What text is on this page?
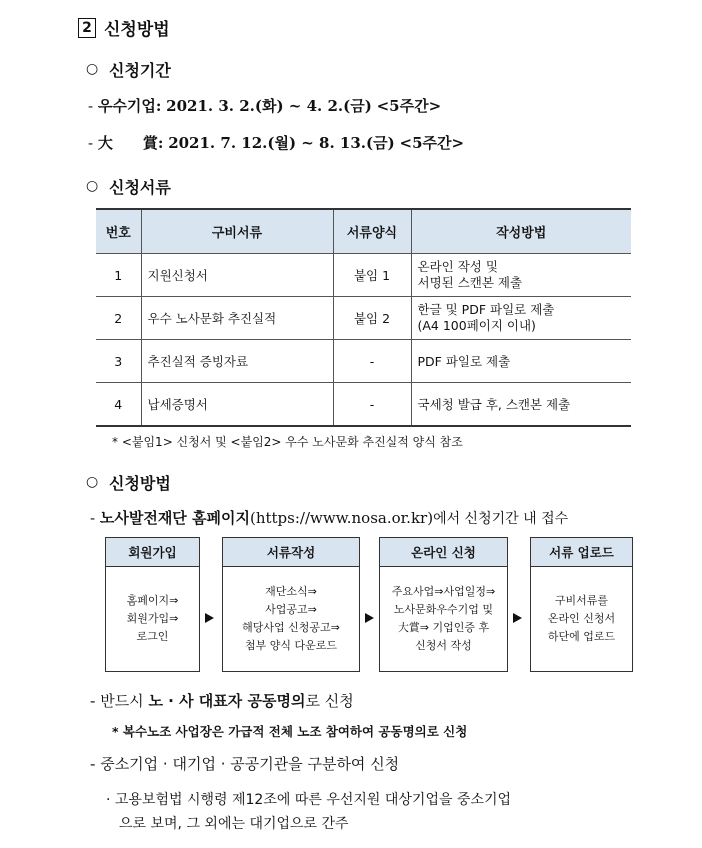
2 신청방법
○ 신청기간
- 우수기업: 2021. 3. 2.(화) ~ 4. 2.(금) <5주간>
- 大　　賞: 2021. 7. 12.(월) ~ 8. 13.(금) <5주간>
○ 신청서류
번호	구비서류	서류양식	작성방법
1	지원신청서	붙임 1	온라인 작성 및
서명된 스캔본 제출
2	우수 노사문화 추진실적	붙임 2	한글 및 PDF 파일로 제출
(A4 100페이지 이내)
3	추진실적 증빙자료	-	PDF 파일로 제출
4	납세증명서	-	국세청 발급 후, 스캔본 제출
* <붙임1> 신청서 및 <붙임2> 우수 노사문화 추진실적 양식 참조
○ 신청방법
- 노사발전재단 홈페이지(https://www.nosa.or.kr)에서 신청기간 내 접수
회원가입
홈페이지⇒
회원가입⇒
로그인
서류작성
재단소식⇒
사업공고⇒
해당사업 신청공고⇒
첨부 양식 다운로드
온라인 신청
주요사업⇒사업일정⇒
노사문화우수기업 및
大賞⇒ 기업인증 후
신청서 작성
서류 업로드
구비서류를
온라인 신청서
하단에 업로드
- 반드시 노 · 사 대표자 공동명의로 신청
* 복수노조 사업장은 가급적 전체 노조 참여하여 공동명의로 신청
- 중소기업 · 대기업 · 공공기관을 구분하여 신청
· 고용보험법 시행령 제12조에 따른 우선지원 대상기업을 중소기업
으로 보며, 그 외에는 대기업으로 간주
